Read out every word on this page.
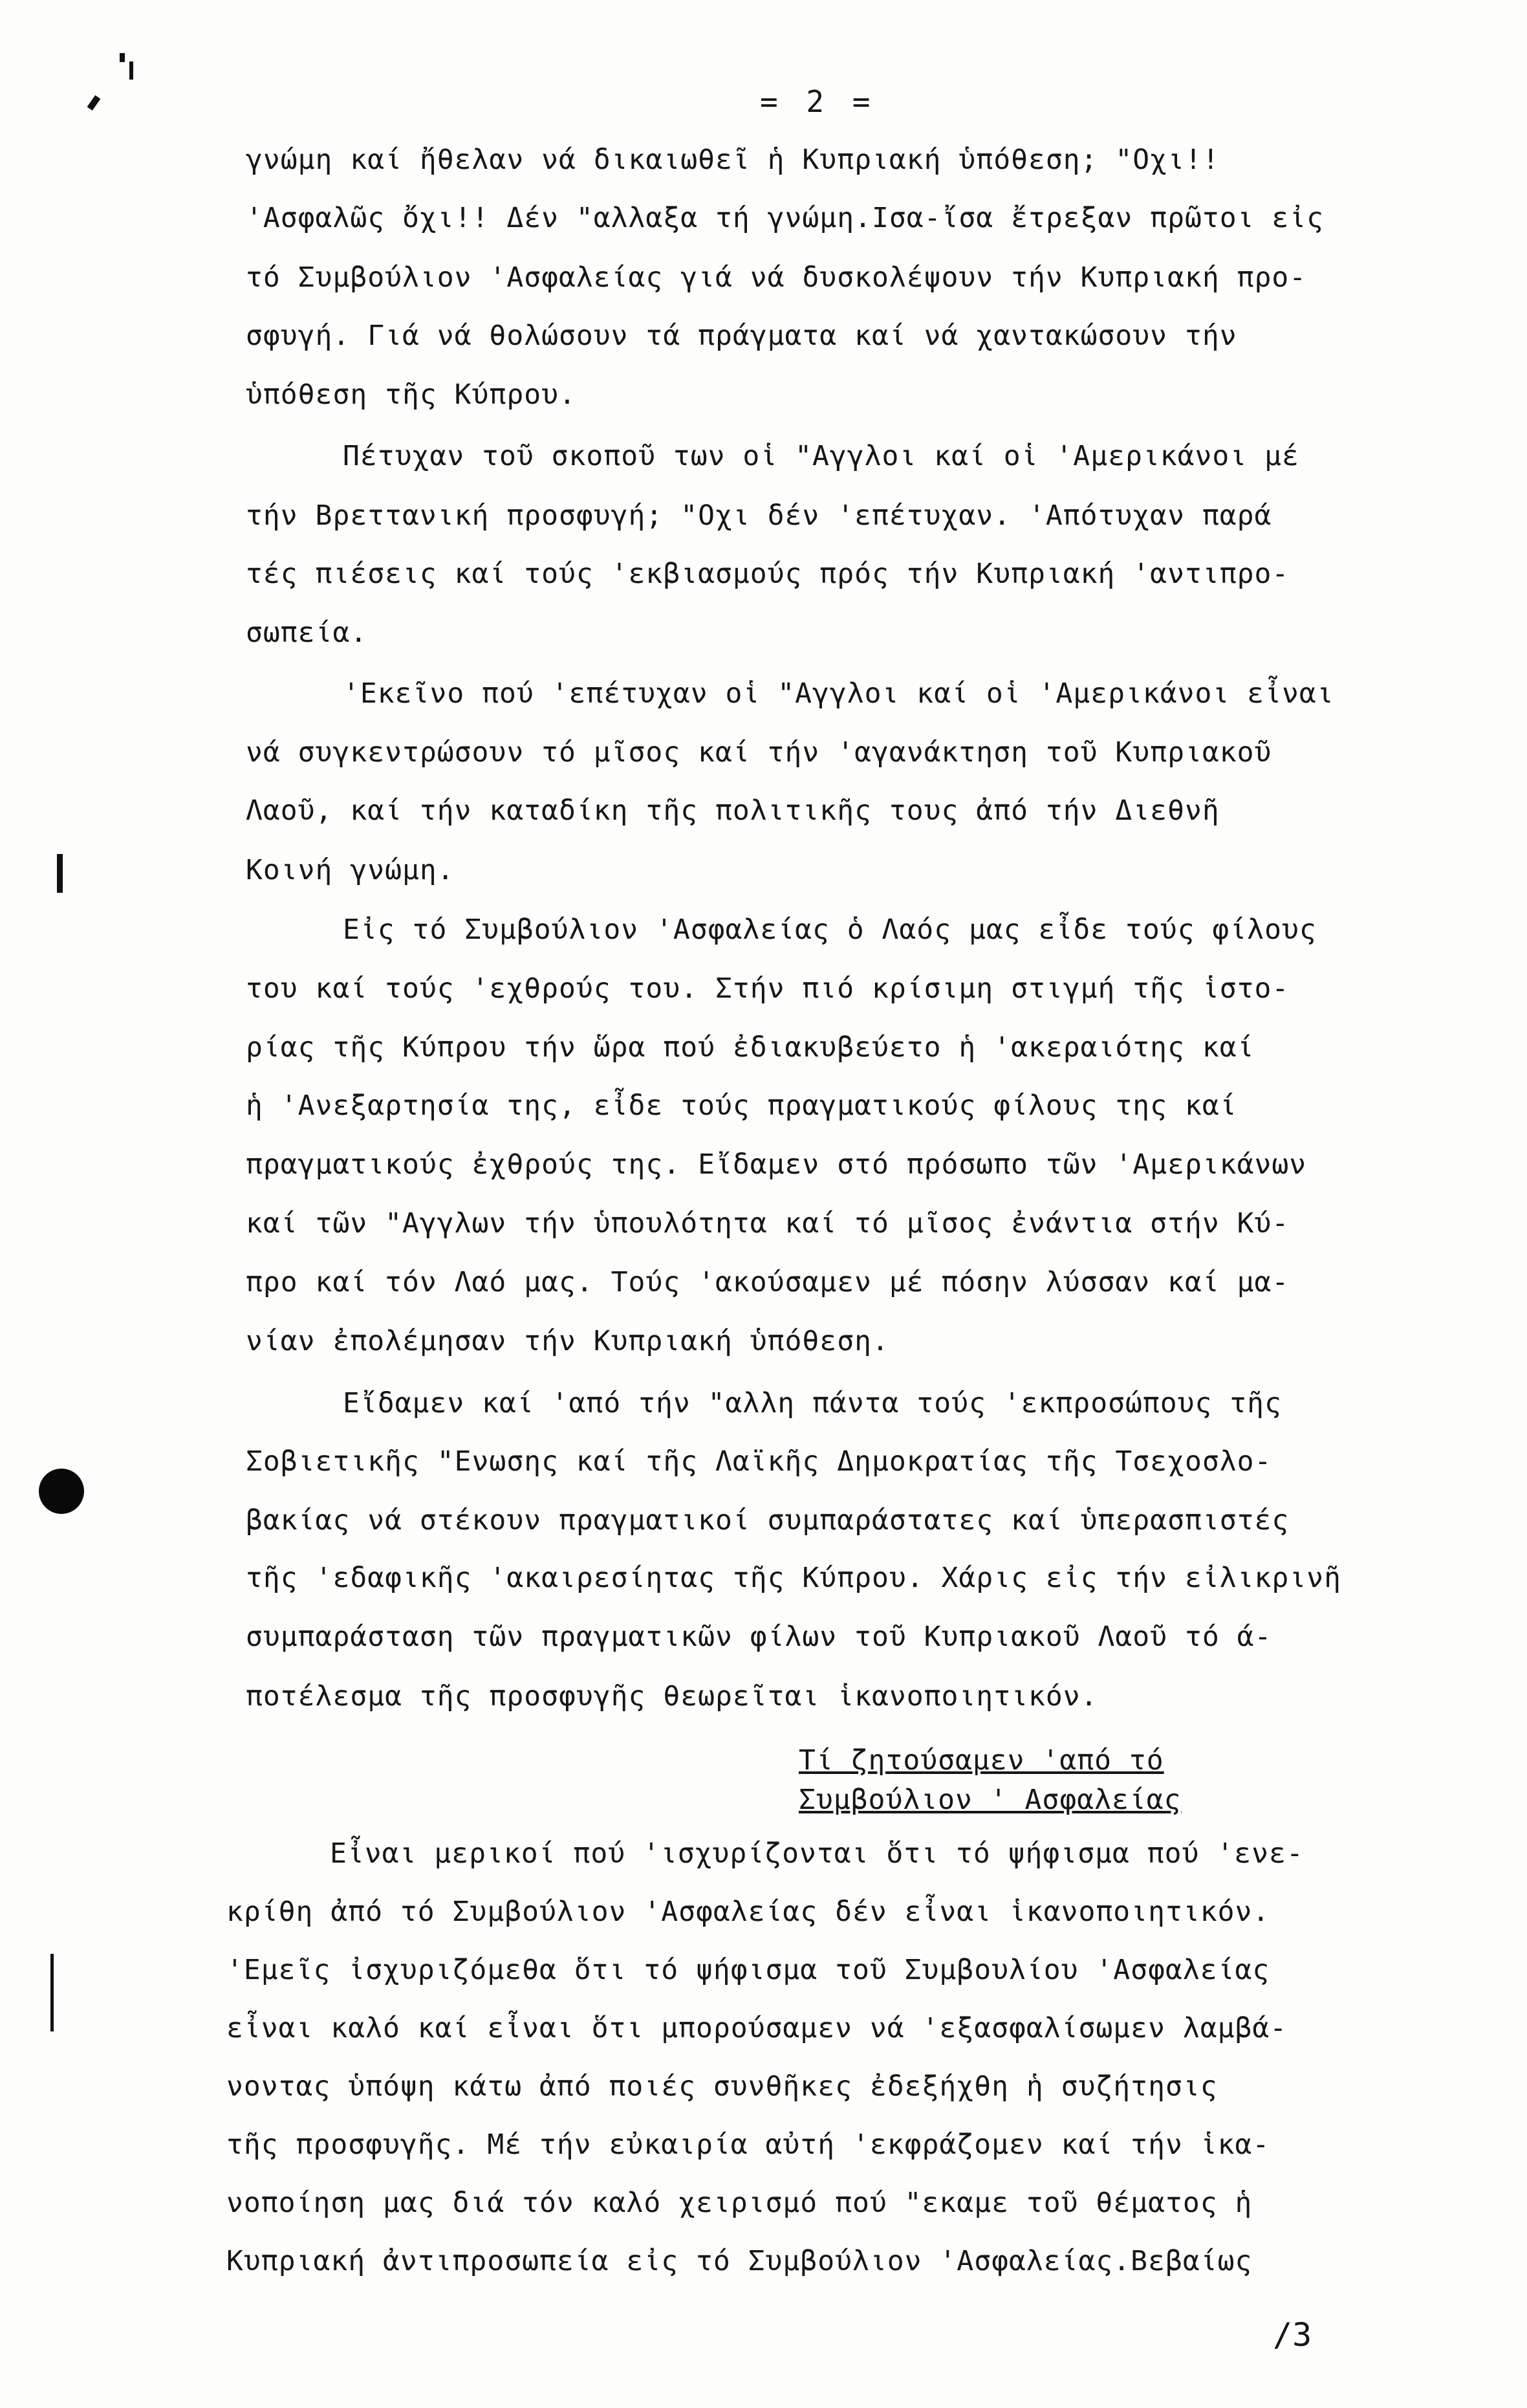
= 2 =
γνώμη καί ἤθελαν νά δικαιωθεῖ ἡ Κυπριακή ὑπόθεση; "Οχι!!
'Ασφαλῶς ὄχι!! Δέν "αλλαξα τή γνώμη.Ισα-ἴσα ἔτρεξαν πρῶτοι εἰς
τό Συμβούλιον 'Ασφαλείας γιά νά δυσκολέψουν τήν Κυπριακή προ-
σφυγή. Γιά νά θολώσουν τά πράγματα καί νά χαντακώσουν τήν
ὑπόθεση τῆς Κύπρου.
Πέτυχαν τοῦ σκοποῦ των οἱ "Αγγλοι καί οἱ 'Αμερικάνοι μέ
τήν Βρεττανική προσφυγή; "Οχι δέν 'επέτυχαν. 'Απότυχαν παρά
τές πιέσεις καί τούς 'εκβιασμούς πρός τήν Κυπριακή 'αντιπρο-
σωπεία.
'Εκεῖνο πού 'επέτυχαν οἱ "Αγγλοι καί οἱ 'Αμερικάνοι εἶναι
νά συγκεντρώσουν τό μῖσος καί τήν 'αγανάκτηση τοῦ Κυπριακοῦ
Λαοῦ, καί τήν καταδίκη τῆς πολιτικῆς τους ἀπό τήν Διεθνῆ
Κοινή γνώμη.
Εἰς τό Συμβούλιον 'Ασφαλείας ὁ Λαός μας εἶδε τούς φίλους
του καί τούς 'εχθρούς του. Στήν πιό κρίσιμη στιγμή τῆς ἱστο-
ρίας τῆς Κύπρου τήν ὥρα πού ἐδιακυβεύετο ἡ 'ακεραιότης καί
ἡ 'Ανεξαρτησία της, εἶδε τούς πραγματικούς φίλους της καί
πραγματικούς ἐχθρούς της. Εἴδαμεν στό πρόσωπο τῶν 'Αμερικάνων
καί τῶν "Αγγλων τήν ὑπουλότητα καί τό μῖσος ἐνάντια στήν Κύ-
προ καί τόν Λαό μας. Τούς 'ακούσαμεν μέ πόσην λύσσαν καί μα-
νίαν ἐπολέμησαν τήν Κυπριακή ὑπόθεση.
Εἴδαμεν καί 'από τήν "αλλη πάντα τούς 'εκπροσώπους τῆς
Σοβιετικῆς "Ενωσης καί τῆς Λαϊκῆς Δημοκρατίας τῆς Τσεχοσλο-
βακίας νά στέκουν πραγματικοί συμπαράστατες καί ὑπερασπιστές
τῆς 'εδαφικῆς 'ακαιρεσίητας τῆς Κύπρου. Χάρις εἰς τήν εἰλικρινῆ
συμπαράσταση τῶν πραγματικῶν φίλων τοῦ Κυπριακοῦ Λαοῦ τό ά-
ποτέλεσμα τῆς προσφυγῆς θεωρεῖται ἱκανοποιητικόν.
Τί ζητούσαμεν 'από τό
Συμβούλιον ' Ασφαλείας
Εἶναι μερικοί πού 'ισχυρίζονται ὅτι τό ψήφισμα πού 'ενε-
κρίθη ἀπό τό Συμβούλιον 'Ασφαλείας δέν εἶναι ἱκανοποιητικόν.
'Εμεῖς ἰσχυριζόμεθα ὅτι τό ψήφισμα τοῦ Συμβουλίου 'Ασφαλείας
εἶναι καλό καί εἶναι ὅτι μπορούσαμεν νά 'εξασφαλίσωμεν λαμβά-
νοντας ὑπόψη κάτω ἀπό ποιές συνθῆκες ἐδεξήχθη ἡ συζήτησις
τῆς προσφυγῆς. Μέ τήν εὐκαιρία αὐτή 'εκφράζομεν καί τήν ἱκα-
νοποίηση μας διά τόν καλό χειρισμό πού "εκαμε τοῦ θέματος ἡ
Κυπριακή ἀντιπροσωπεία εἰς τό Συμβούλιον 'Ασφαλείας.Βεβαίως
/3
